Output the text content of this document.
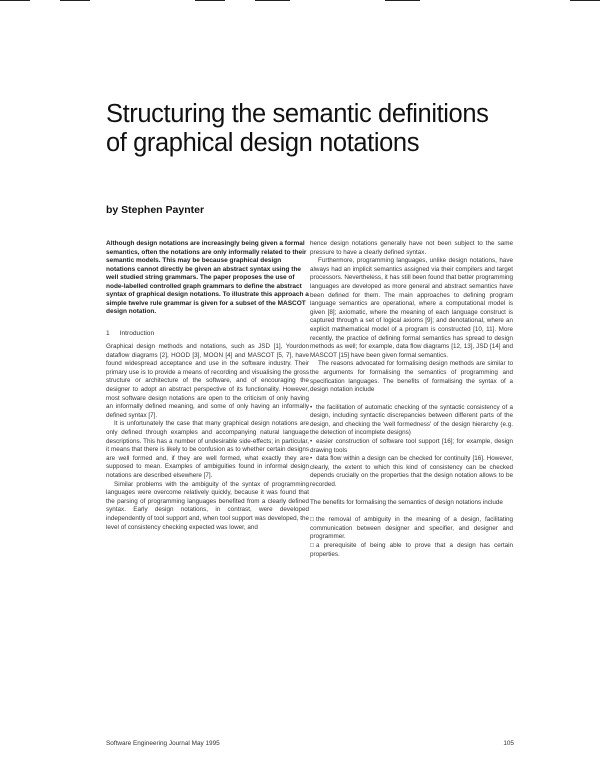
Structuring the semantic definitions of graphical design notations
by Stephen Paynter

Although design notations are increasingly being given a formal semantics, often the notations are only informally related to their semantic models. This may be because graphical design notations cannot directly be given an abstract syntax using the well studied string grammars. The paper proposes the use of node-labelled controlled graph grammars to define the abstract syntax of graphical design notations. To illustrate this approach a simple twelve rule grammar is given for a subset of the MASCOT design notation.

1 Introduction

Graphical design methods and notations, such as JSD [1], Yourdon dataflow diagrams [2], HOOD [3], MOON [4] and MASCOT [5, 7], have found widespread acceptance and use in the software industry. Their primary use is to provide a means of recording and visualising the gross structure or architecture of the software, and of encouraging the designer to adopt an abstract perspective of its functionality. However, most software design notations are open to the criticism of only having an informally defined meaning, and some of only having an informally defined syntax [7].

It is unfortunately the case that many graphical design notations are only defined through examples and accompanying natural language descriptions. This has a number of undesirable side-effects; in particular, it means that there is likely to be confusion as to whether certain designs are well formed and, if they are well formed, what exactly they are supposed to mean. Examples of ambiguities found in informal design notations are described elsewhere [7].

Similar problems with the ambiguity of the syntax of programming languages were overcome relatively quickly, because it was found that the parsing of programming languages benefited from a clearly defined syntax. Early design notations, in contrast, were developed independently of tool support and, when tool support was developed, the level of consistency checking expected was lower, and

hence design notations generally have not been subject to the same pressure to have a clearly defined syntax.

Furthermore, programming languages, unlike design notations, have always had an implicit semantics assigned via their compilers and target processors. Nevertheless, it has still been found that better programming languages are developed as more general and abstract semantics have been defined for them. The main approaches to defining program language semantics are operational, where a computational model is given [8]; axiomatic, where the meaning of each language construct is captured through a set of logical axioms [9]; and denotational, where an explicit mathematical model of a program is constructed [10, 11]. More recently, the practice of defining formal semantics has spread to design methods as well; for example, data flow diagrams [12, 13], JSD [14] and MASCOT [15] have been given formal semantics.

The reasons advocated for formalising design methods are similar to the arguments for formalising the semantics of programming and specification languages. The benefits of formalising the syntax of a design notation include

• the facilitation of automatic checking of the syntactic consistency of a design, including syntactic discrepancies between different parts of the design, and checking the 'well formedness' of the design hierarchy (e.g. the detection of incomplete designs)

• easier construction of software tool support [16]; for example, design drawing tools

• data flow within a design can be checked for continuity [16]. However, clearly, the extent to which this kind of consistency can be checked depends crucially on the properties that the design notation allows to be recorded.

The benefits for formalising the semantics of design notations include

□ the removal of ambiguity in the meaning of a design, facilitating communication between designer and specifier, and designer and programmer.

□ a prerequisite of being able to prove that a design has certain properties.

Software Engineering Journal May 1995	105
